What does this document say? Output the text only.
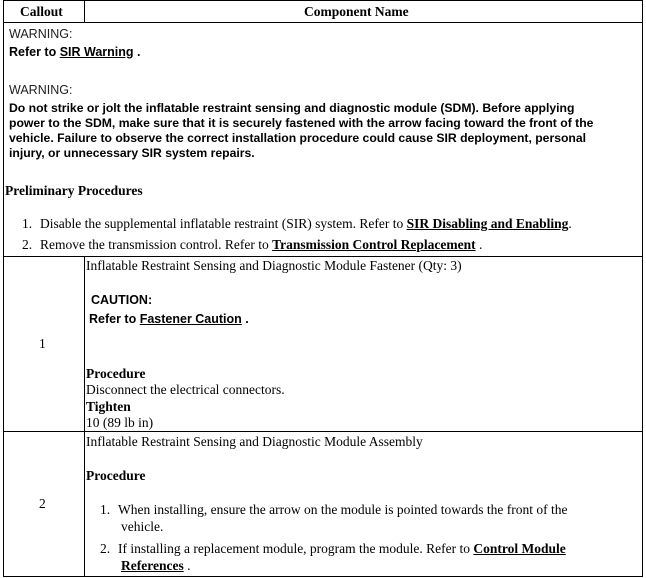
Callout	Component Name
WARNING:
Refer to SIR Warning .
WARNING:
Do not strike or jolt the inflatable restraint sensing and diagnostic module (SDM). Before applying
power to the SDM, make sure that it is securely fastened with the arrow facing toward the front of the
vehicle. Failure to observe the correct installation procedure could cause SIR deployment, personal
injury, or unnecessary SIR system repairs.
Preliminary Procedures
1. Disable the supplemental inflatable restraint (SIR) system. Refer to SIR Disabling and Enabling.
2. Remove the transmission control. Refer to Transmission Control Replacement .
1
Inflatable Restraint Sensing and Diagnostic Module Fastener (Qty: 3)
CAUTION:
Refer to Fastener Caution .
Procedure
Disconnect the electrical connectors.
Tighten
10 (89 lb in)
2
Inflatable Restraint Sensing and Diagnostic Module Assembly
Procedure
1. When installing, ensure the arrow on the module is pointed towards the front of the
vehicle.
2. If installing a replacement module, program the module. Refer to Control Module
References .
